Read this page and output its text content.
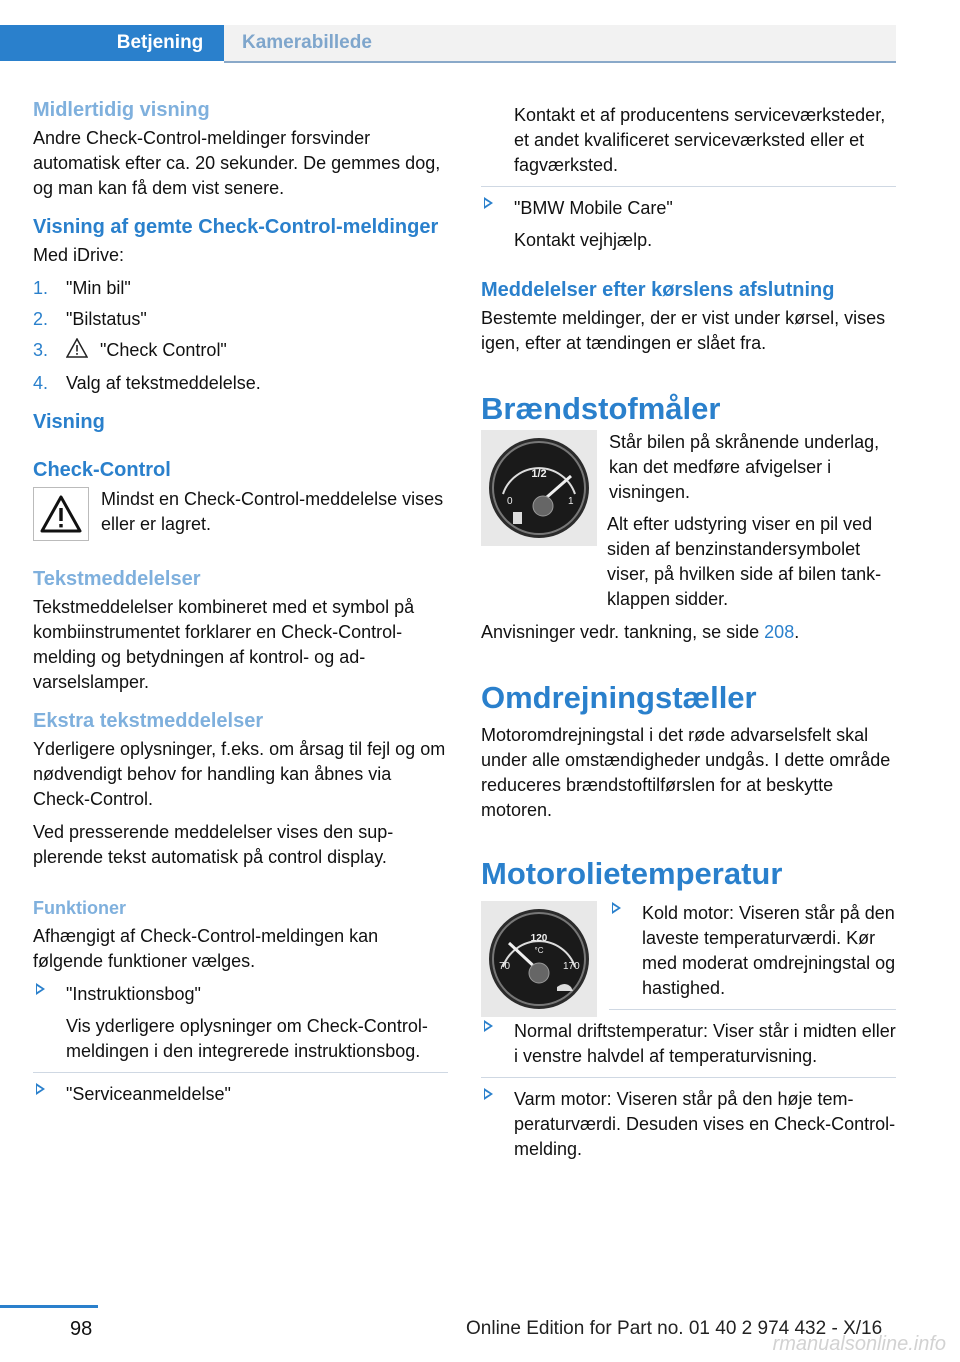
Betjening	Kamerabillede
Midlertidig visning

Andre Check-Control-meldinger forsvinder automatisk efter ca. 20 sekunder. De gemmes dog, og man kan få dem vist senere.

Visning af gemte Check-Control-meldinger

Med iDrive:

1. "Min bil"
2. "Bilstatus"
3.	"Check Control"
4. Valg af tekstmeddelelse.
Visning
Check-Control

Mindst en Check-Control-meddelelse vises eller er lagret.

Tekstmeddelelser

Tekstmeddelelser kombineret med et symbol på kombiinstrumentet forklarer en Check-Control-melding og betydningen af kontrol- og advarselslamper.

Ekstra tekstmeddelelser

Yderligere oplysninger, f.eks. om årsag til fejl og om nødvendigt behov for handling kan åbnes via Check-Control.

Ved presserende meddelelser vises den supplerende tekst automatisk på control display.

Funktioner

Afhængigt af Check-Control-meldingen kan følgende funktioner vælges.

"Instruktionsbog"

Vis yderligere oplysninger om Check-Control-meldingen i den integrerede instruktionsbog.

"Serviceanmeldelse"

Kontakt et af producentens serviceværksteder, et andet kvalificeret serviceværksted eller et fagværksted.

"BMW Mobile Care"

Kontakt vejhjælp.

Meddelelser efter kørslens afslutning

Bestemte meldinger, der er vist under kørsel, vises igen, efter at tændingen er slået fra.

Brændstofmåler
1/2
0	1

Står bilen på skrånende underlag, kan det medføre afvigelser i visningen.

Alt efter udstyring viser en pil ved siden af benzinstandersymbolet viser, på hvilken side af bilen tankklappen sidder.

Anvisninger vedr. tankning, se side 208.

Omdrejningstæller

Motoromdrejningstal i det røde advarselsfelt skal under alle omstændigheder undgås. I dette område reduceres brændstoftilførslen for at beskytte motoren.

Motorolietemperatur
120
°C
70	170
Kold motor: Viseren står på den laveste temperaturværdi. Kør med moderat omdrejningstal og hastighed.
Normal driftstemperatur: Viser står i midten eller i venstre halvdel af temperaturvisning.
Varm motor: Viseren står på den høje temperaturværdi. Desuden vises en Check-Control-melding.
98	Online Edition for Part no. 01 40 2 974 432 - X/16
rmanualsonline.info
